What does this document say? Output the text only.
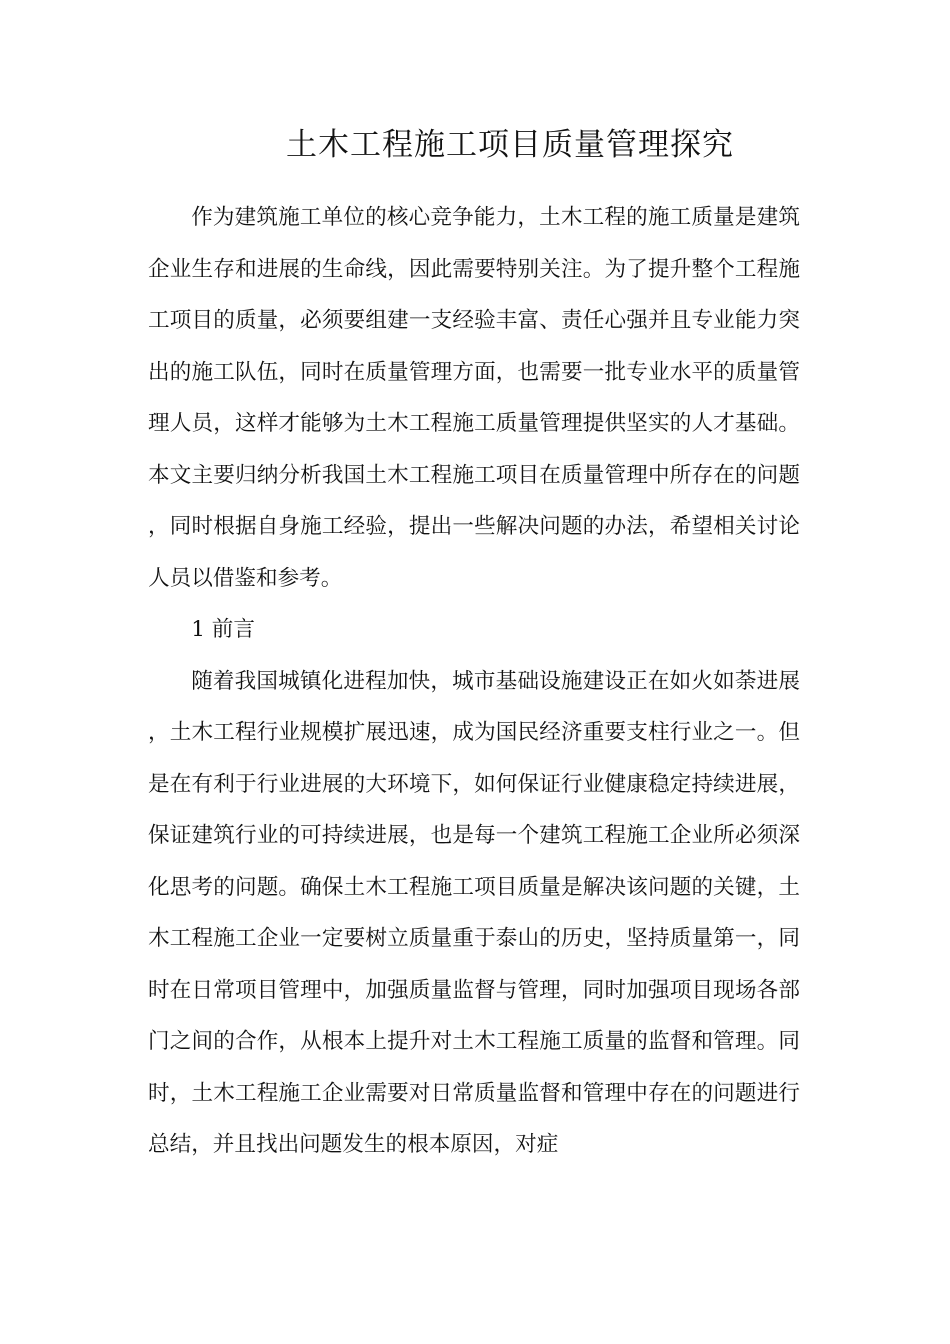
土木工程施工项目质量管理探究

作为建筑施工单位的核心竞争能力，土木工程的施工质量是建筑企业生存和进展的生命线，因此需要特别关注。为了提升整个工程施工项目的质量，必须要组建一支经验丰富、责任心强并且专业能力突出的施工队伍，同时在质量管理方面，也需要一批专业水平的质量管理人员，这样才能够为土木工程施工质量管理提供坚实的人才基础。本文主要归纳分析我国土木工程施工项目在质量管理中所存在的问题，同时根据自身施工经验，提出一些解决问题的办法，希望相关讨论人员以借鉴和参考。

1 前言

随着我国城镇化进程加快，城市基础设施建设正在如火如荼进展，土木工程行业规模扩展迅速，成为国民经济重要支柱行业之一。但是在有利于行业进展的大环境下，如何保证行业健康稳定持续进展，保证建筑行业的可持续进展，也是每一个建筑工程施工企业所必须深化思考的问题。确保土木工程施工项目质量是解决该问题的关键，土木工程施工企业一定要树立质量重于泰山的历史，坚持质量第一，同时在日常项目管理中，加强质量监督与管理，同时加强项目现场各部门之间的合作，从根本上提升对土木工程施工质量的监督和管理。同时，土木工程施工企业需要对日常质量监督和管理中存在的问题进行总结，并且找出问题发生的根本原因，对症
